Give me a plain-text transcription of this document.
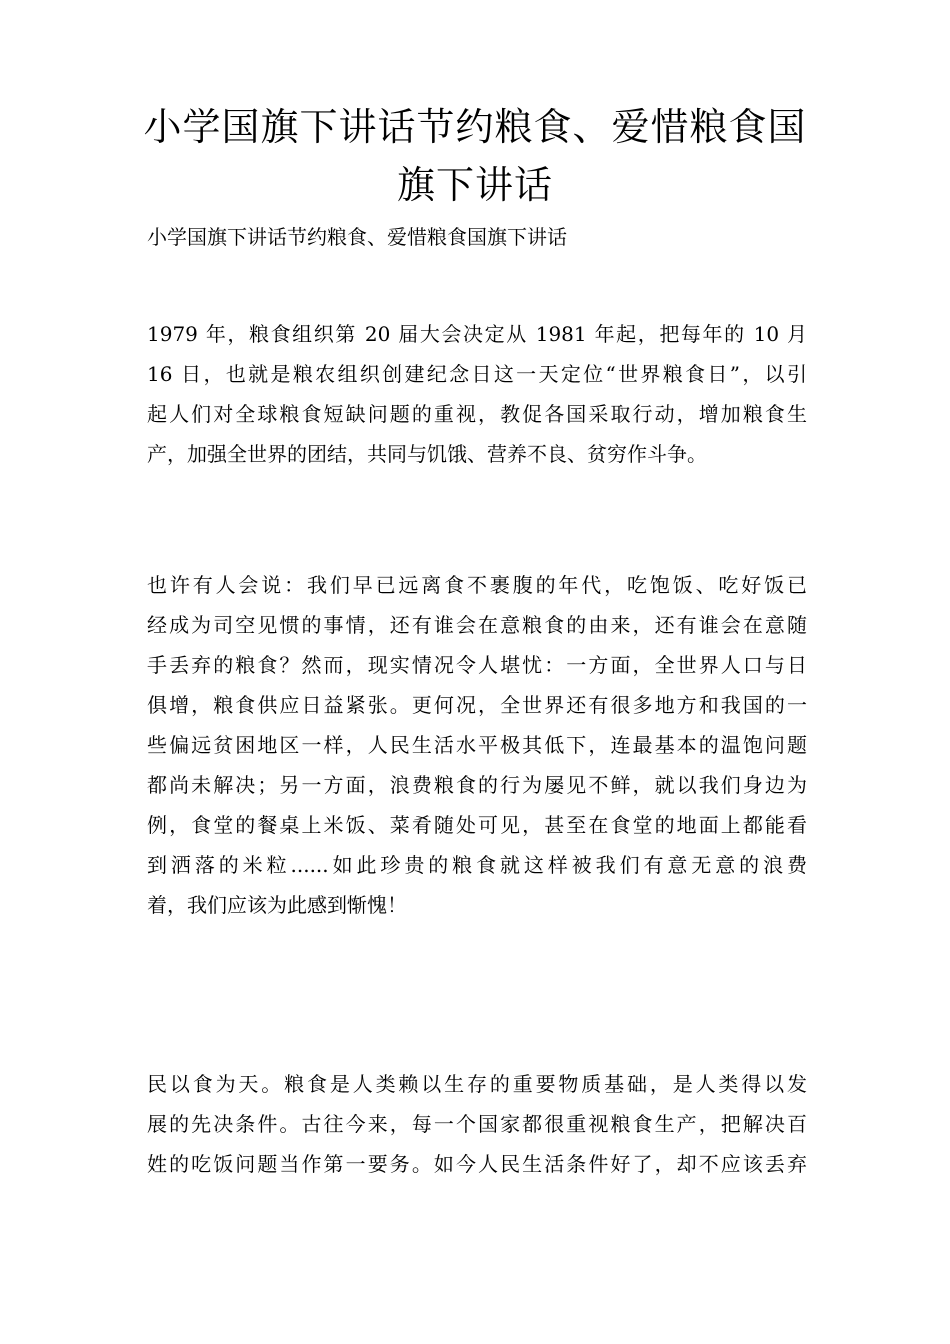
小学国旗下讲话节约粮食、爱惜粮食国
旗下讲话

小学国旗下讲话节约粮食、爱惜粮食国旗下讲话

1979 年，粮食组织第 20 届大会决定从 1981 年起，把每年的 10 月
16 日，也就是粮农组织创建纪念日这一天定位“世界粮食日”，以引
起人们对全球粮食短缺问题的重视，教促各国采取行动，增加粮食生
产，加强全世界的团结，共同与饥饿、营养不良、贫穷作斗争。
也许有人会说：我们早已远离食不裹腹的年代，吃饱饭、吃好饭已
经成为司空见惯的事情，还有谁会在意粮食的由来，还有谁会在意随
手丢弃的粮食？然而，现实情况令人堪忧：一方面，全世界人口与日
俱增，粮食供应日益紧张。更何况，全世界还有很多地方和我国的一
些偏远贫困地区一样，人民生活水平极其低下，连最基本的温饱问题
都尚未解决；另一方面，浪费粮食的行为屡见不鲜，就以我们身边为
例，食堂的餐桌上米饭、菜肴随处可见，甚至在食堂的地面上都能看
到洒落的米粒......如此珍贵的粮食就这样被我们有意无意的浪费
着，我们应该为此感到惭愧！
民以食为天。粮食是人类赖以生存的重要物质基础，是人类得以发
展的先决条件。古往今来，每一个国家都很重视粮食生产，把解决百
姓的吃饭问题当作第一要务。如今人民生活条件好了，却不应该丢弃
